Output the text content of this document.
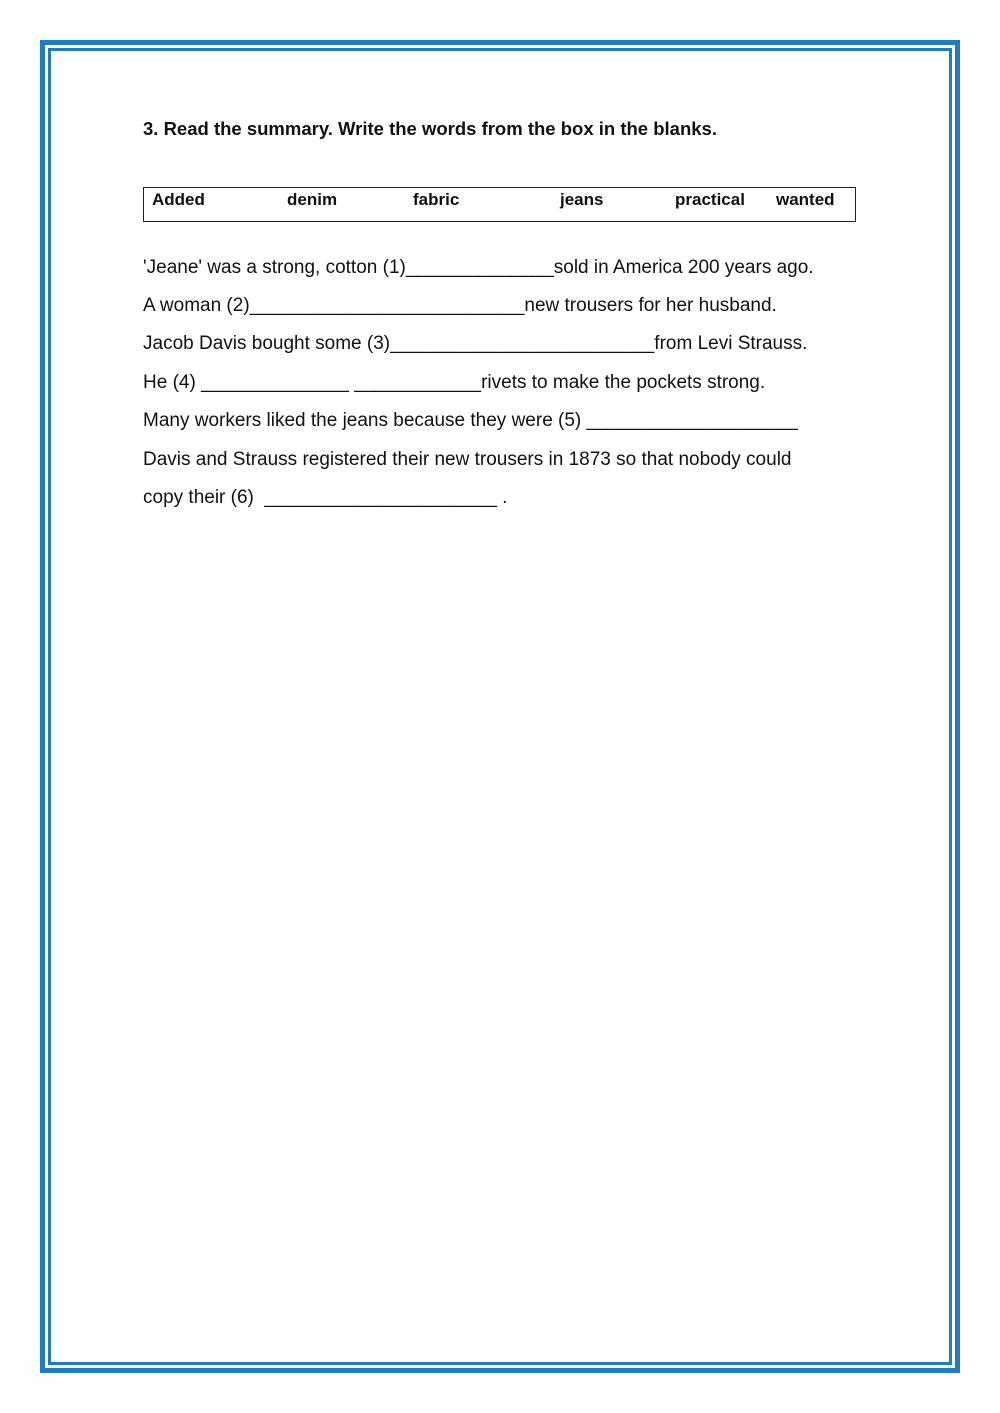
3. Read the summary. Write the words from the box in the blanks.
Added	denim	fabric	jeans	practical wanted
'Jeane' was a strong, cotton (1)______________sold in America 200 years ago.
A woman (2)__________________________new trousers for her husband.
Jacob Davis bought some (3)_________________________from Levi Strauss.
He (4) ______________ ____________rivets to make the pockets strong.
Many workers liked the jeans because they were (5) ____________________
Davis and Strauss registered their new trousers in 1873 so that nobody could
copy their (6)  ______________________ .
